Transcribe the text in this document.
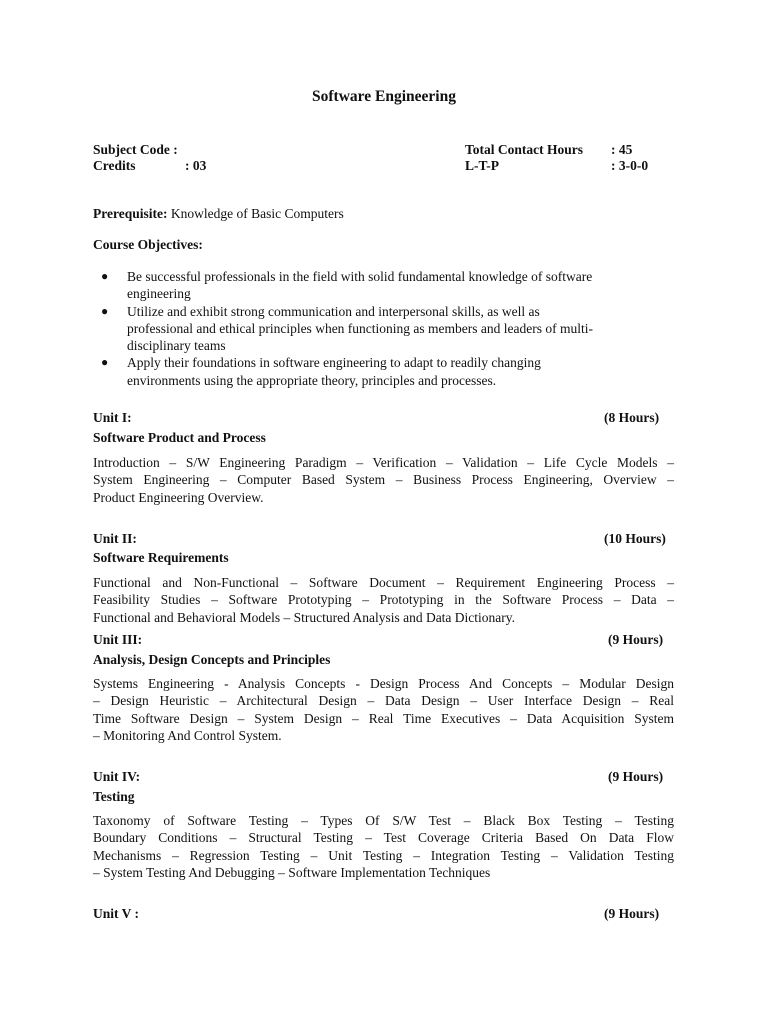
Software Engineering
Subject Code :
Credits	: 03
Total Contact Hours : 45
L-T-P	: 3-0-0
Prerequisite: Knowledge of Basic Computers
Course Objectives:
● Be successful professionals in the field with solid fundamental knowledge of software
engineering
● Utilize and exhibit strong communication and interpersonal skills, as well as
professional and ethical principles when functioning as members and leaders of multi-
disciplinary teams
● Apply their foundations in software engineering to adapt to readily changing
environments using the appropriate theory, principles and processes.
Unit I:	(8 Hours)
Software Product and Process
Introduction – S/W Engineering Paradigm – Verification – Validation – Life Cycle Models –
System Engineering – Computer Based System – Business Process Engineering, Overview –
Product Engineering Overview.
Unit II:	(10 Hours)
Software Requirements
Functional and Non-Functional – Software Document – Requirement Engineering Process –
Feasibility Studies – Software Prototyping – Prototyping in the Software Process – Data –
Functional and Behavioral Models – Structured Analysis and Data Dictionary.
Unit III:	(9 Hours)
Analysis, Design Concepts and Principles
Systems Engineering - Analysis Concepts - Design Process And Concepts – Modular Design
– Design Heuristic – Architectural Design – Data Design – User Interface Design – Real
Time Software Design – System Design – Real Time Executives – Data Acquisition System
– Monitoring And Control System.
Unit IV:	(9 Hours)
Testing
Taxonomy of Software Testing – Types Of S/W Test – Black Box Testing – Testing
Boundary Conditions – Structural Testing – Test Coverage Criteria Based On Data Flow
Mechanisms – Regression Testing – Unit Testing – Integration Testing – Validation Testing
– System Testing And Debugging – Software Implementation Techniques
Unit V :	(9 Hours)
